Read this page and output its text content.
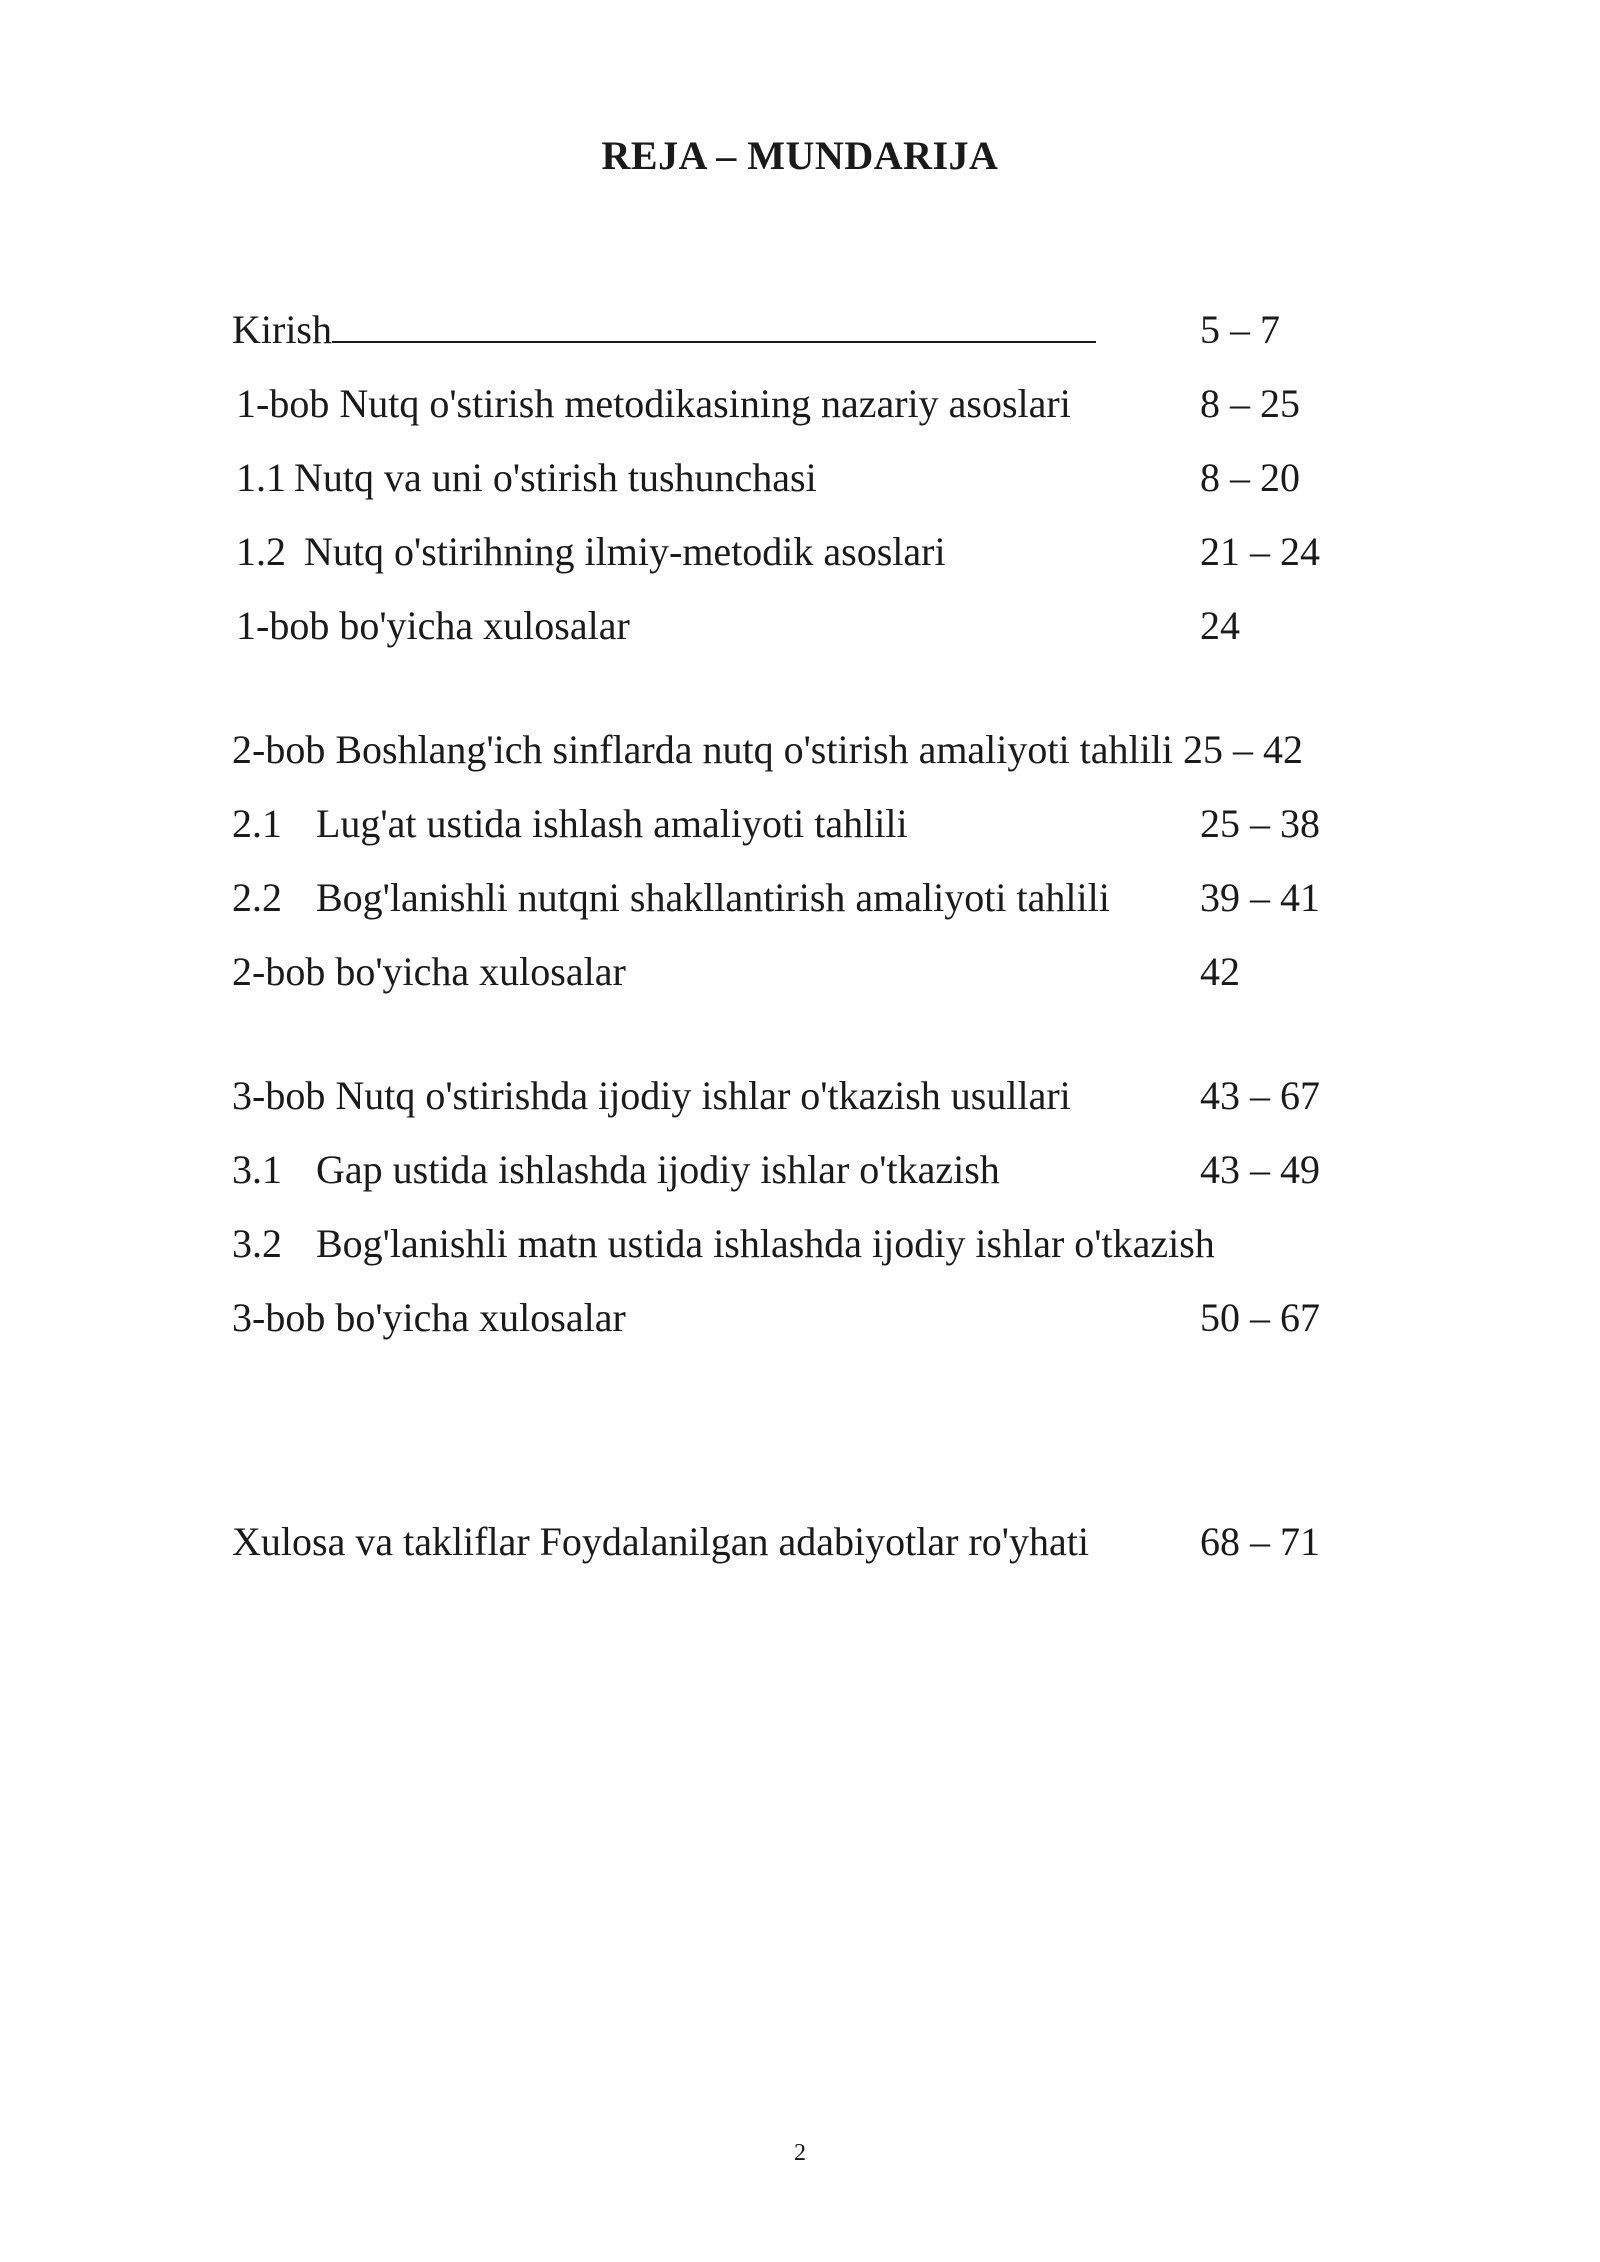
REJA – MUNDARIJA
Kirish	5 – 7
1-bob Nutq o'stirish metodikasining nazariy asoslari	8 – 25
1.1 Nutq va uni o'stirish tushunchasi	8 – 20
1.2 Nutq o'stirihning ilmiy-metodik asoslari	21 – 24
1-bob bo'yicha xulosalar	24
2-bob Boshlang'ich sinflarda nutq o'stirish amaliyoti tahlili 25 – 42
2.1 Lug'at ustida ishlash amaliyoti tahlili	25 – 38
2.2 Bog'lanishli nutqni shakllantirish amaliyoti tahlili 39 – 41
2-bob bo'yicha xulosalar	42
3-bob Nutq o'stirishda ijodiy ishlar o'tkazish usullari	43 – 67
3.1 Gap ustida ishlashda ijodiy ishlar o'tkazish	43 – 49
3.2 Bog'lanishli matn ustida ishlashda ijodiy ishlar o'tkazish
3-bob bo'yicha xulosalar	50 – 67
Xulosa va takliflar Foydalanilgan adabiyotlar ro'yhati	68 – 71
2
